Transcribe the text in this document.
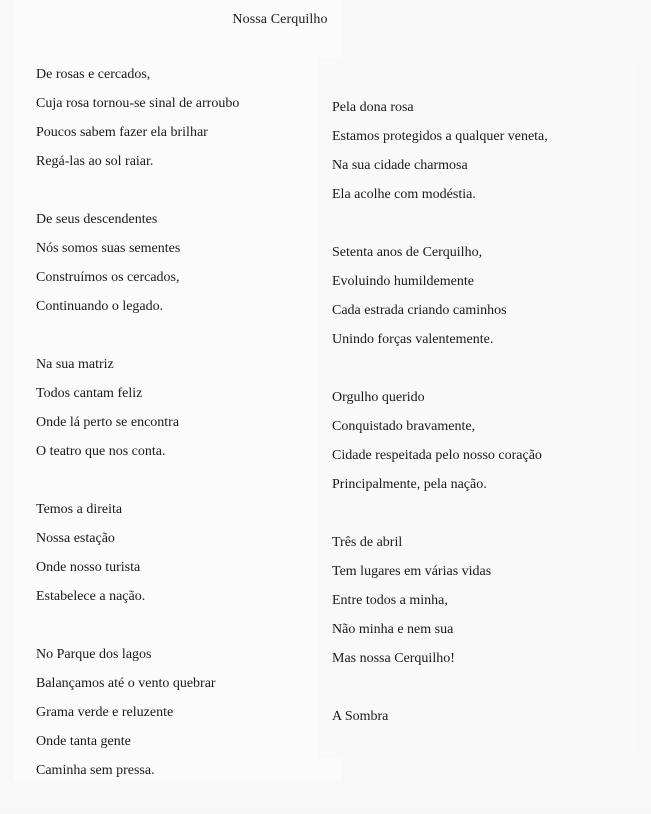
Nossa Cerquilho
De rosas e cercados,
Cuja rosa tornou-se sinal de arroubo
Poucos sabem fazer ela brilhar
Regá-las ao sol raiar.
De seus descendentes
Nós somos suas sementes
Construímos os cercados,
Continuando o legado.
Na sua matriz
Todos cantam feliz
Onde lá perto se encontra
O teatro que nos conta.
Temos a direita
Nossa estação
Onde nosso turista
Estabelece a nação.
No Parque dos lagos
Balançamos até o vento quebrar
Grama verde e reluzente
Onde tanta gente
Caminha sem pressa.
Pela dona rosa
Estamos protegidos a qualquer veneta,
Na sua cidade charmosa
Ela acolhe com modéstia.
Setenta anos de Cerquilho,
Evoluindo humildemente
Cada estrada criando caminhos
Unindo forças valentemente.
Orgulho querido
Conquistado bravamente,
Cidade respeitada pelo nosso coração
Principalmente, pela nação.
Três de abril
Tem lugares em várias vidas
Entre todos a minha,
Não minha e nem sua
Mas nossa Cerquilho!
A Sombra
